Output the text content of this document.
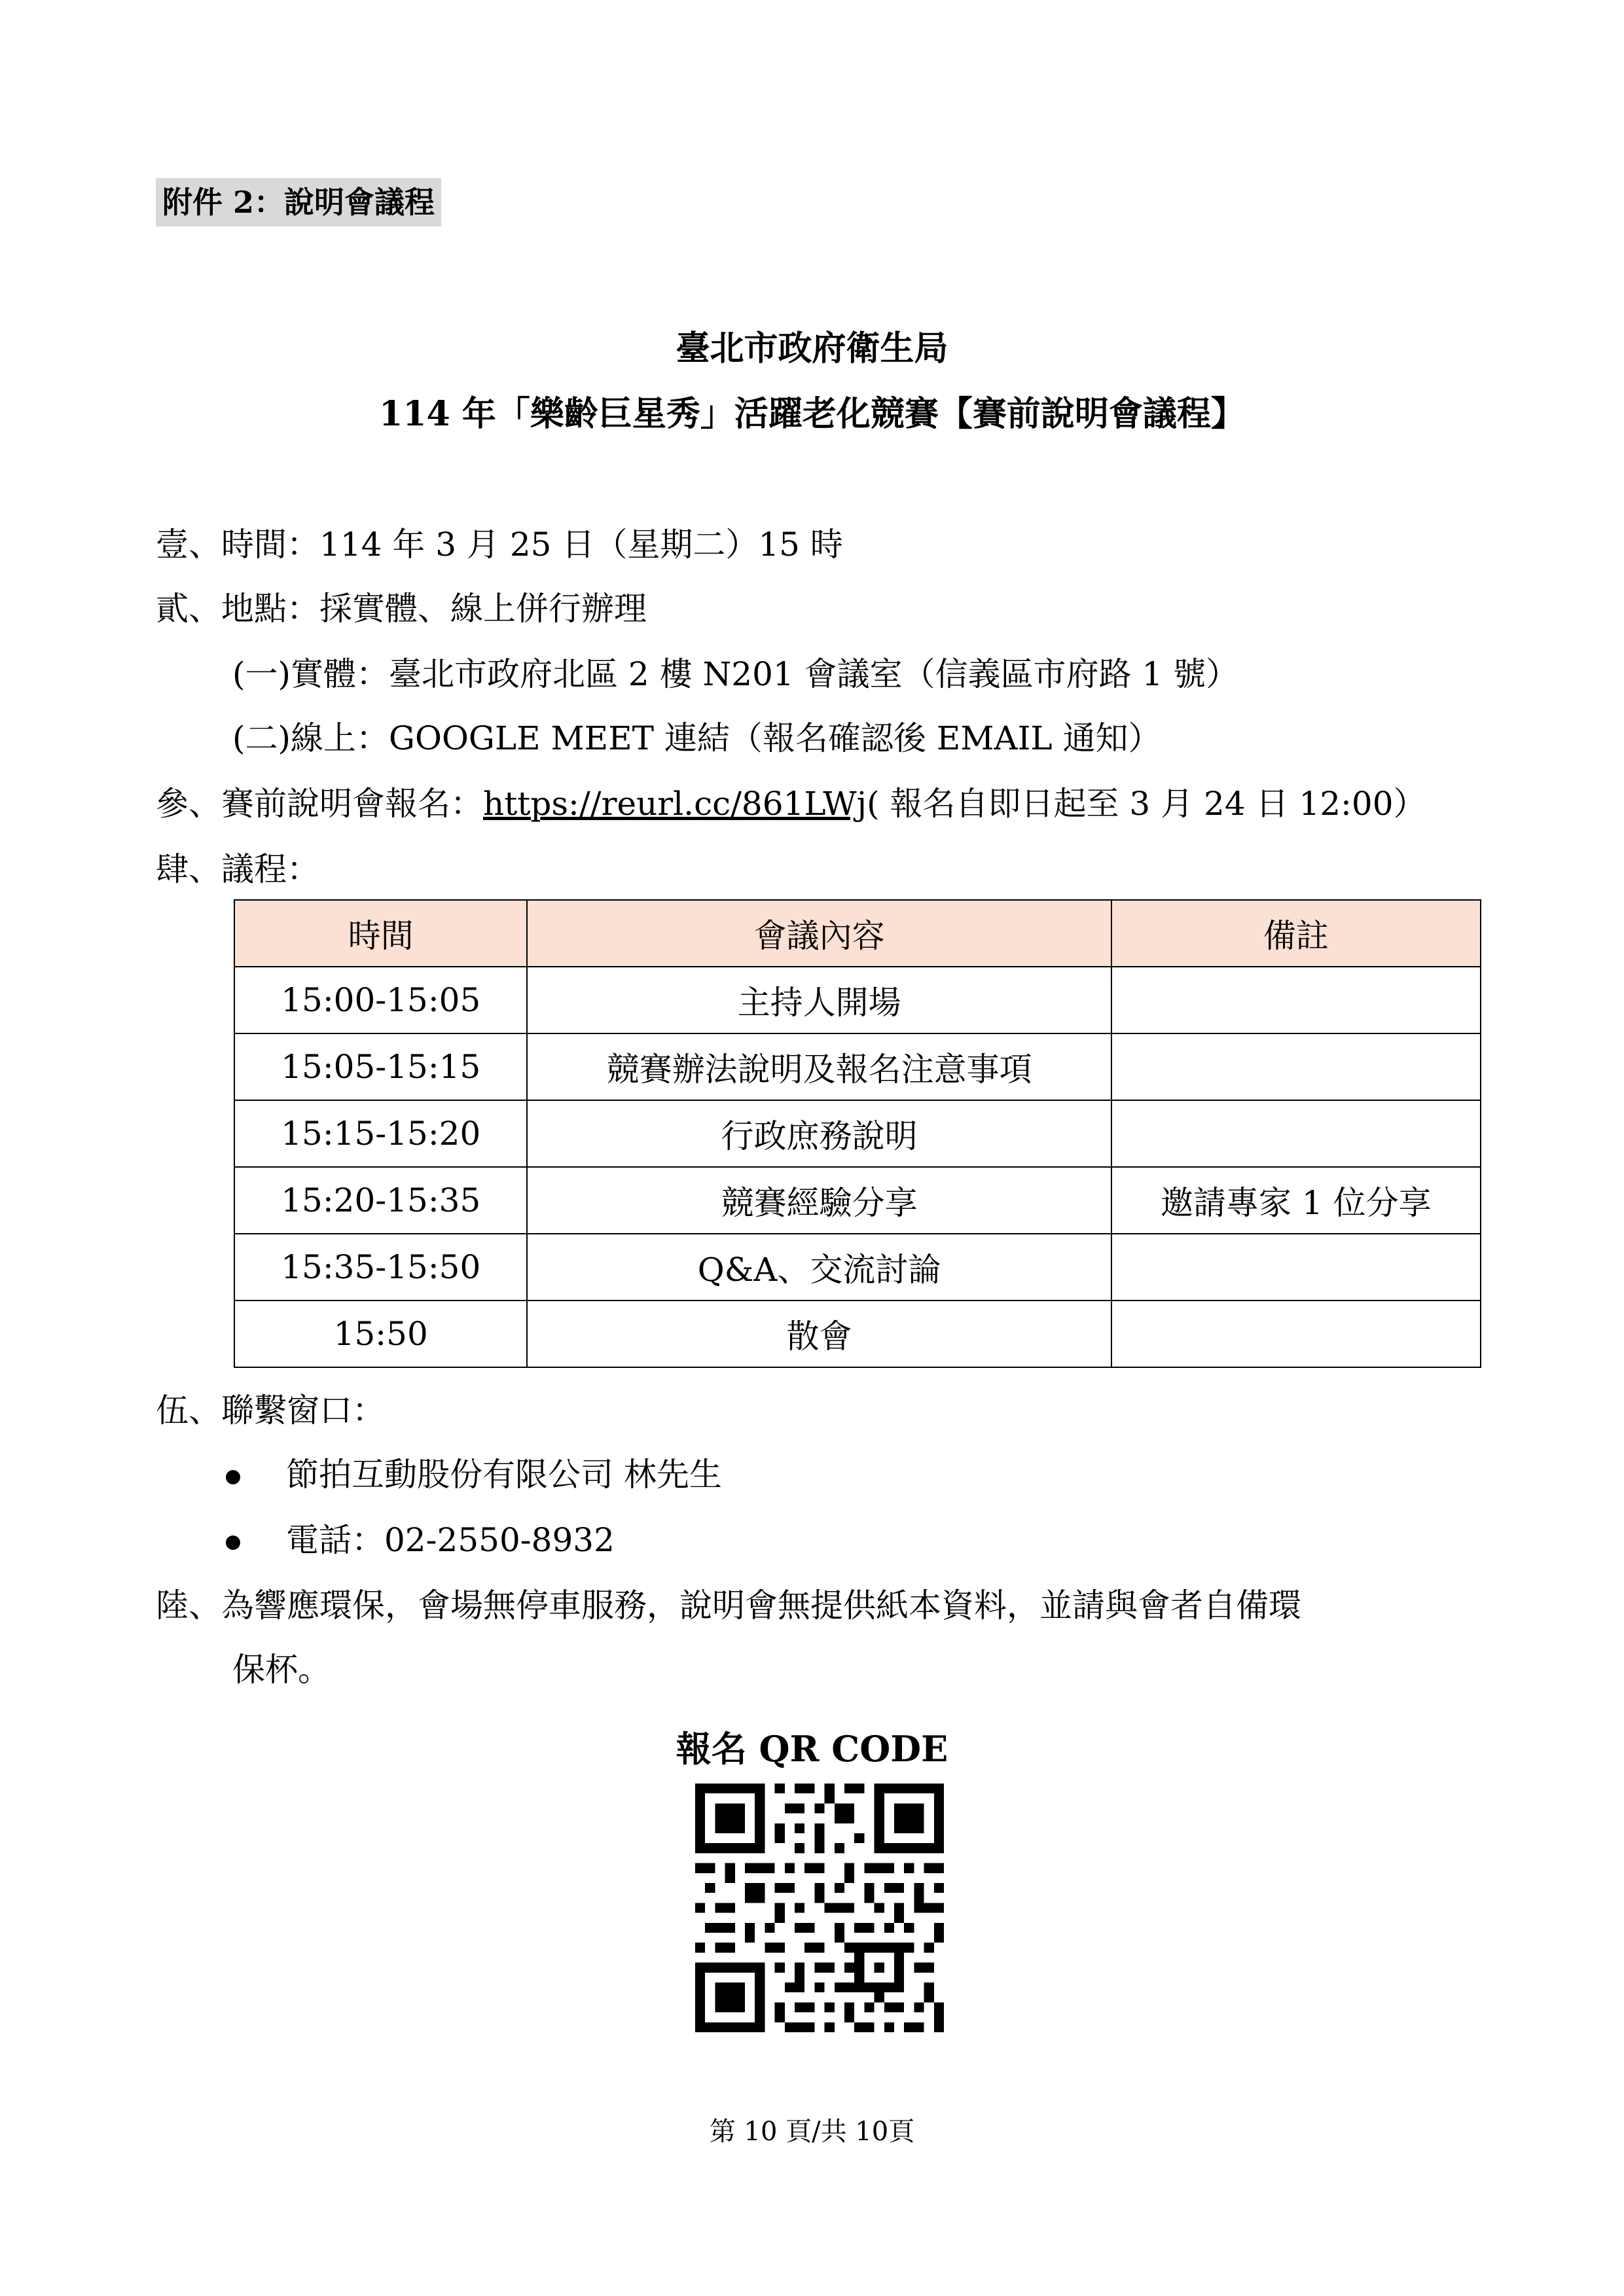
附件 2：說明會議程
臺北市政府衛生局
114 年「樂齡巨星秀」活躍老化競賽【賽前說明會議程】
壹、時間：114 年 3 月 25 日（星期二）15 時
貳、地點：採實體、線上併行辦理
(一)實體：臺北市政府北區 2 樓 N201 會議室（信義區市府路 1 號）
(二)線上：GOOGLE MEET 連結（報名確認後 EMAIL 通知）
參、賽前說明會報名：https://reurl.cc/861LWj( 報名自即日起至 3 月 24 日 12:00）
肆、議程：
時間	會議內容	備註
15:00-15:05	主持人開場	
15:05-15:15	競賽辦法說明及報名注意事項	
15:15-15:20	行政庶務說明	
15:20-15:35	競賽經驗分享	邀請專家 1 位分享
15:35-15:50	Q&A、交流討論	
15:50	散會	
伍、聯繫窗口：
節拍互動股份有限公司 林先生
電話：02-2550-8932
陸、為響應環保，會場無停車服務，說明會無提供紙本資料，並請與會者自備環
保杯。
報名 QR CODE
第 10 頁/共 10頁
